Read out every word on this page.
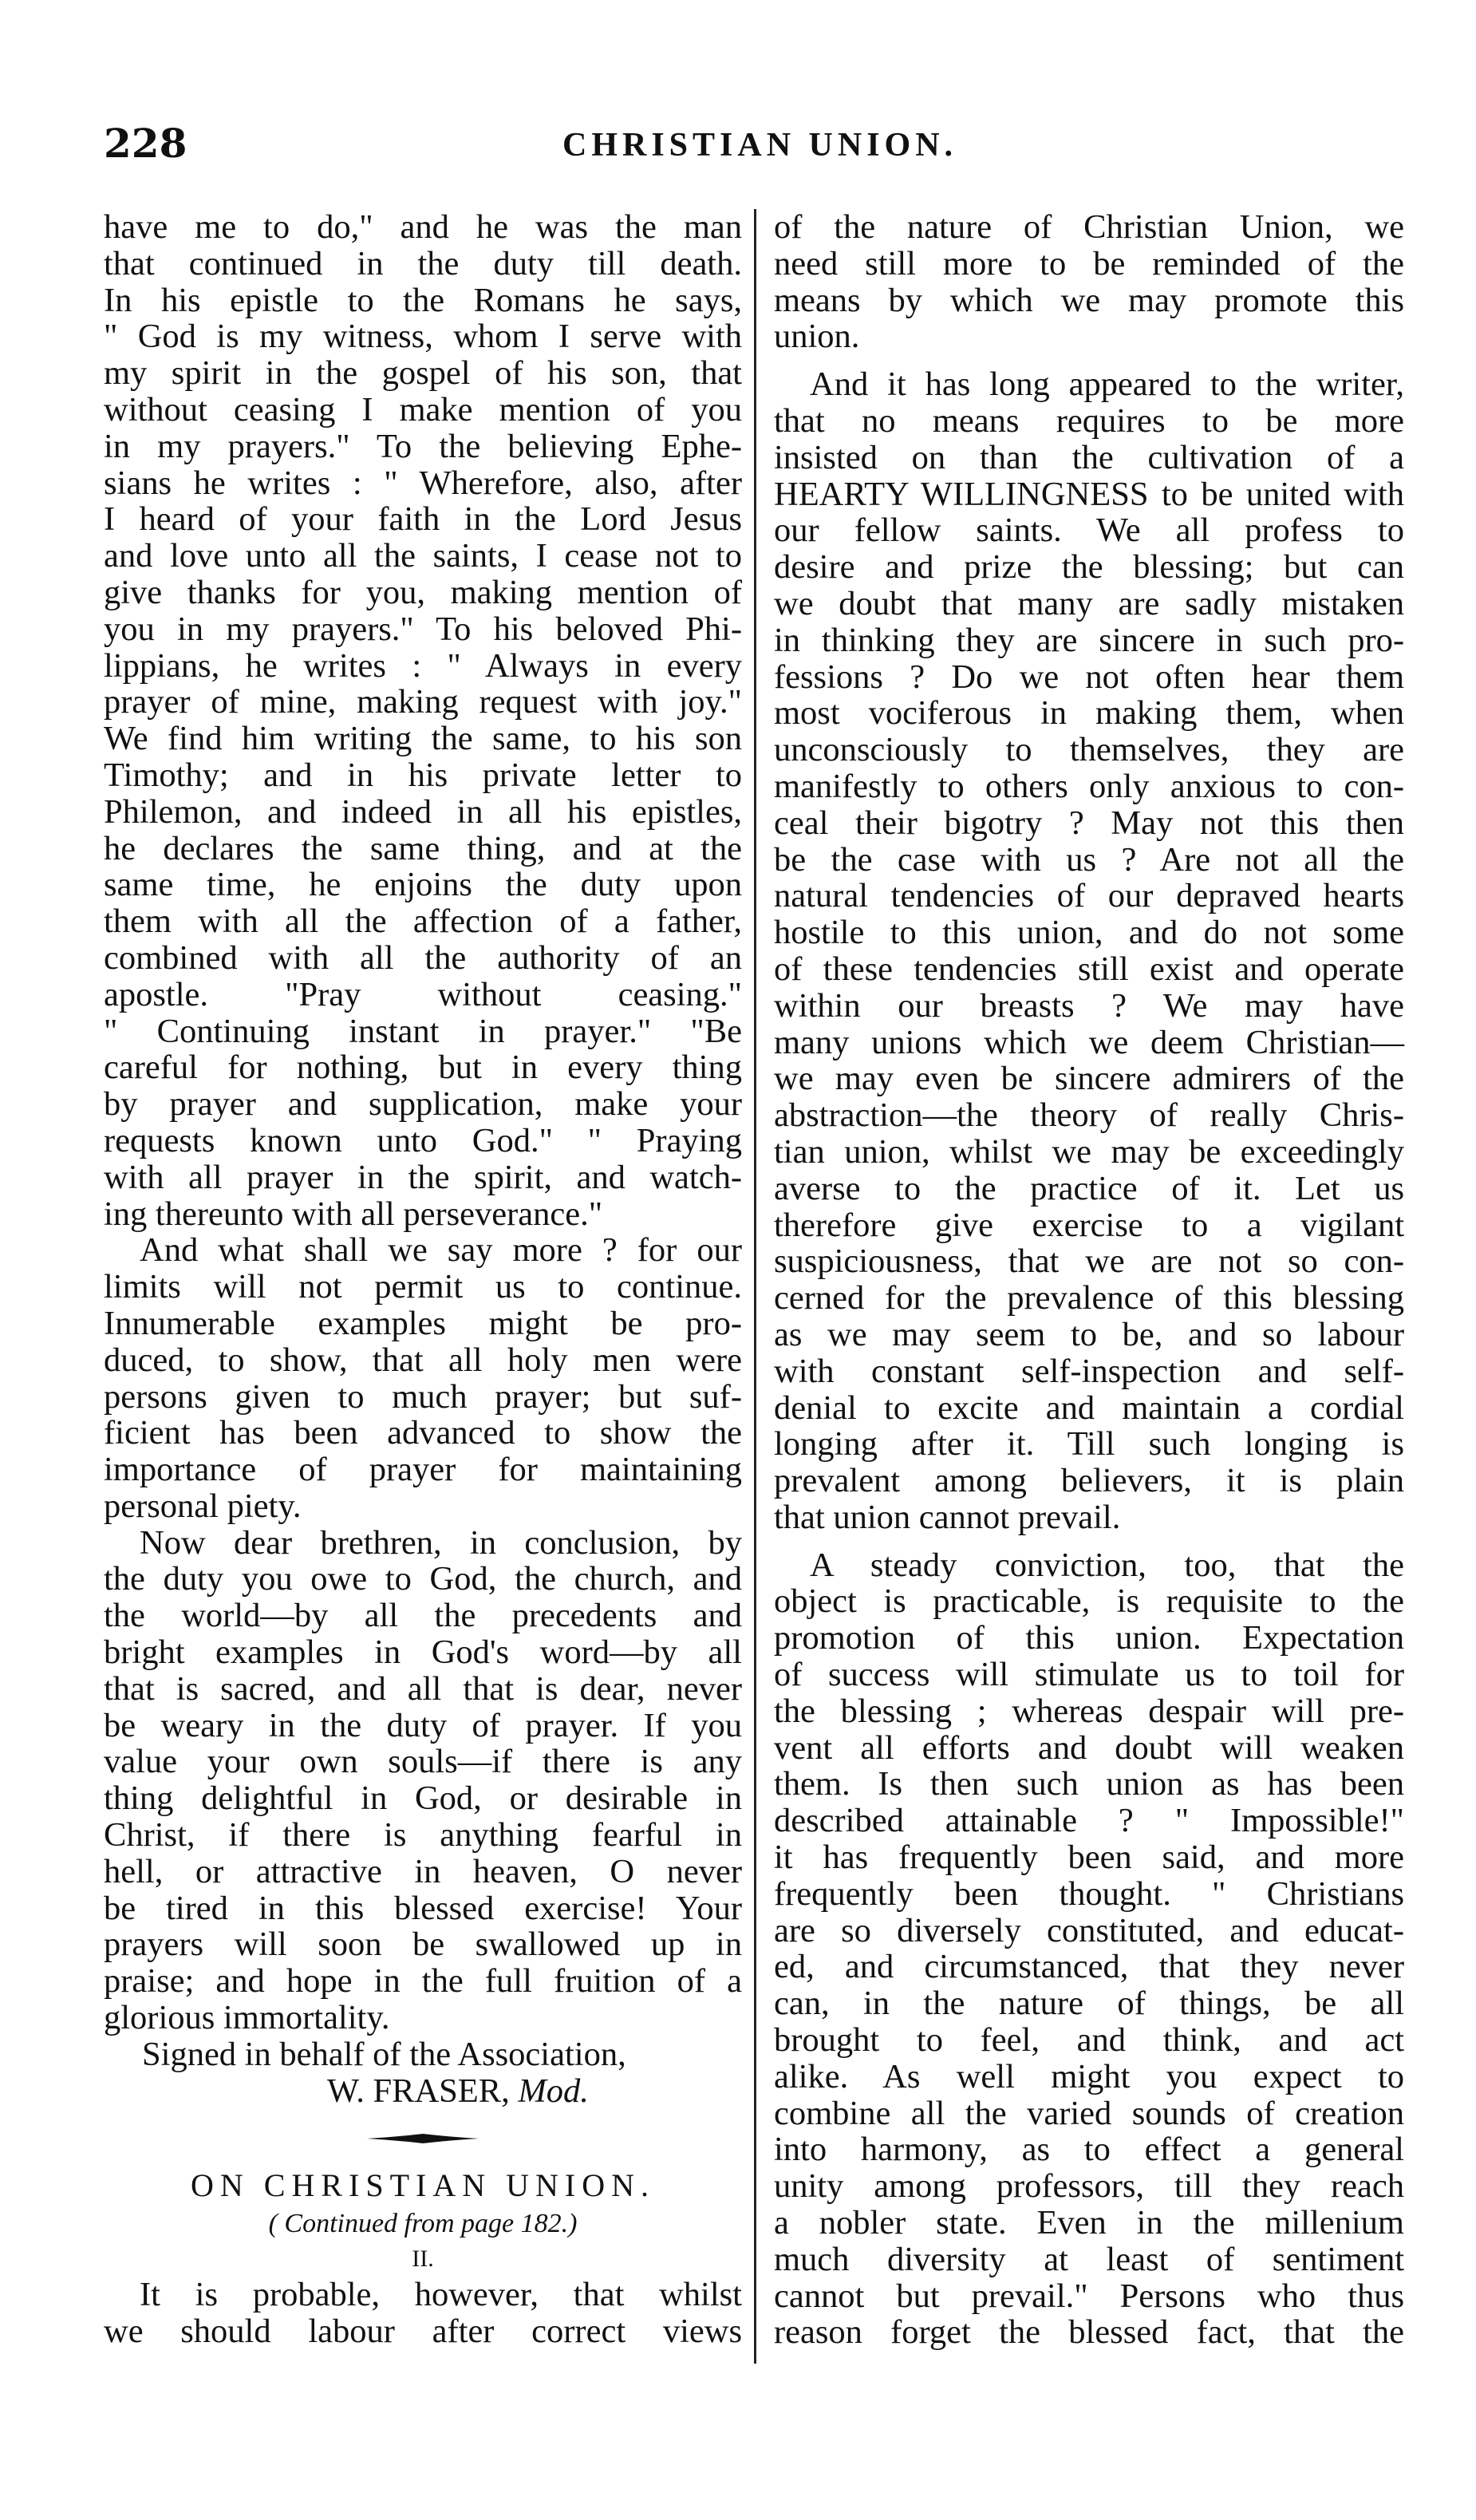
228	CHRISTIAN UNION.
have me to do," and he was the man
that continued in the duty till death.
In his epistle to the Romans he says,
" God is my witness, whom I serve with
my spirit in the gospel of his son, that
without ceasing I make mention of you
in my prayers." To the believing Ephe-
sians he writes : " Wherefore, also, after
I heard of your faith in the Lord Jesus
and love unto all the saints, I cease not to
give thanks for you, making mention of
you in my prayers." To his beloved Phi-
lippians, he writes : " Always in every
prayer of mine, making request with joy."
We find him writing the same, to his son
Timothy; and in his private letter to
Philemon, and indeed in all his epistles,
he declares the same thing, and at the
same time, he enjoins the duty upon
them with all the affection of a father,
combined with all the authority of an
apostle. "Pray without ceasing."
" Continuing instant in prayer." "Be
careful for nothing, but in every thing
by prayer and supplication, make your
requests known unto God." " Praying
with all prayer in the spirit, and watch-
ing thereunto with all perseverance."
And what shall we say more ? for our
limits will not permit us to continue.
Innumerable examples might be pro-
duced, to show, that all holy men were
persons given to much prayer; but suf-
ficient has been advanced to show the
importance of prayer for maintaining
personal piety.
Now dear brethren, in conclusion, by
the duty you owe to God, the church, and
the world—by all the precedents and
bright examples in God's word—by all
that is sacred, and all that is dear, never
be weary in the duty of prayer. If you
value your own souls—if there is any
thing delightful in God, or desirable in
Christ, if there is anything fearful in
hell, or attractive in heaven, O never
be tired in this blessed exercise! Your
prayers will soon be swallowed up in
praise; and hope in the full fruition of a
glorious immortality.
Signed in behalf of the Association,
W. FRASER, Mod.
ON CHRISTIAN UNION.
( Continued from page 182.)
II.
It is probable, however, that whilst
we should labour after correct views
of the nature of Christian Union, we
need still more to be reminded of the
means by which we may promote this
union.
And it has long appeared to the writer,
that no means requires to be more
insisted on than the cultivation of a
HEARTY WILLINGNESS to be united with
our fellow saints. We all profess to
desire and prize the blessing; but can
we doubt that many are sadly mistaken
in thinking they are sincere in such pro-
fessions ? Do we not often hear them
most vociferous in making them, when
unconsciously to themselves, they are
manifestly to others only anxious to con-
ceal their bigotry ? May not this then
be the case with us ? Are not all the
natural tendencies of our depraved hearts
hostile to this union, and do not some
of these tendencies still exist and operate
within our breasts ? We may have
many unions which we deem Christian—
we may even be sincere admirers of the
abstraction—the theory of really Chris-
tian union, whilst we may be exceedingly
averse to the practice of it. Let us
therefore give exercise to a vigilant
suspiciousness, that we are not so con-
cerned for the prevalence of this blessing
as we may seem to be, and so labour
with constant self-inspection and self-
denial to excite and maintain a cordial
longing after it. Till such longing is
prevalent among believers, it is plain
that union cannot prevail.
A steady conviction, too, that the
object is practicable, is requisite to the
promotion of this union. Expectation
of success will stimulate us to toil for
the blessing ; whereas despair will pre-
vent all efforts and doubt will weaken
them. Is then such union as has been
described attainable ? " Impossible!"
it has frequently been said, and more
frequently been thought. " Christians
are so diversely constituted, and educat-
ed, and circumstanced, that they never
can, in the nature of things, be all
brought to feel, and think, and act
alike. As well might you expect to
combine all the varied sounds of creation
into harmony, as to effect a general
unity among professors, till they reach
a nobler state. Even in the millenium
much diversity at least of sentiment
cannot but prevail." Persons who thus
reason forget the blessed fact, that the
